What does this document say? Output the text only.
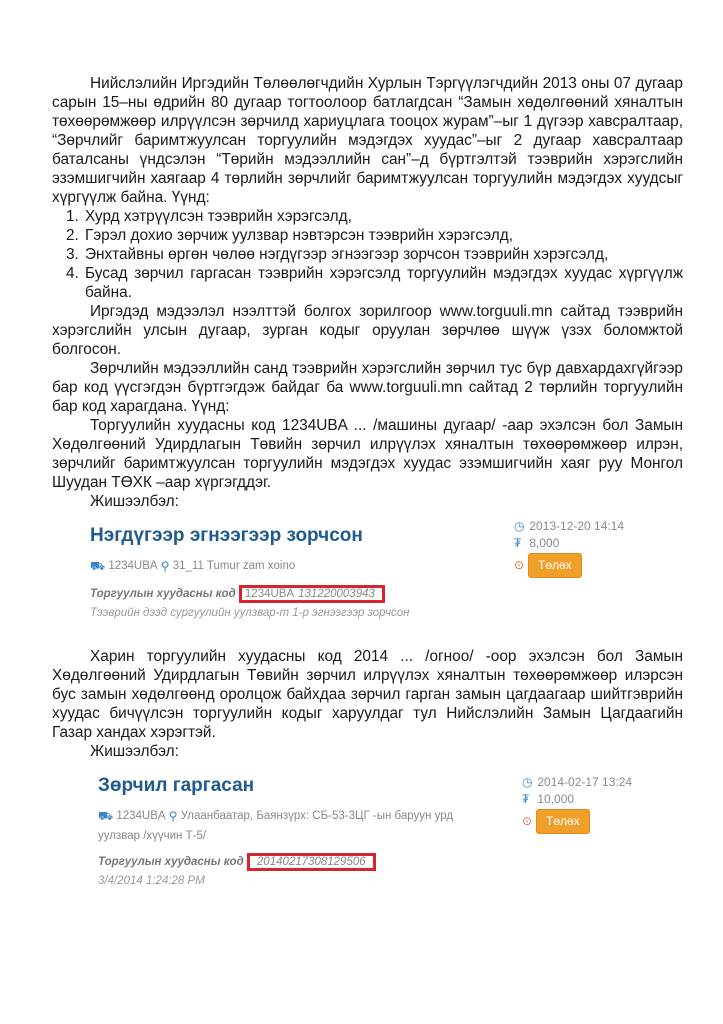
Нийслэлийн Иргэдийн Төлөөлөгчдийн Хурлын Тэргүүлэгчдийн 2013 оны 07 дугаар сарын 15–ны өдрийн 80 дугаар тогтоолоор батлагдсан “Замын хөдөлгөөний хяналтын төхөөрөмжөөр илрүүлсэн зөрчилд хариуцлага тооцох журам”–ыг 1 дүгээр хавсралтаар, “Зөрчлийг баримтжуулсан торгуулийн мэдэгдэх хуудас”–ыг 2 дугаар хавсралтаар баталсаны үндсэлэн “Төрийн мэдээллийн сан”–д бүртгэлтэй тээврийн хэрэгслийн эзэмшигчийн хаягаар 4 төрлийн зөрчлийг баримтжуулсан торгуулийн мэдэгдэх хуудсыг хүргүүлж байна. Үүнд:

1. Хурд хэтрүүлсэн тээврийн хэрэгсэлд,
2. Гэрэл дохио зөрчиж уулзвар нэвтэрсэн тээврийн хэрэгсэлд,
3. Энхтайвны өргөн чөлөө нэгдүгээр эгнээгээр зорчсон тээврийн хэрэгсэлд,
4. Бусад зөрчил гаргасан тээврийн хэрэгсэлд торгуулийн мэдэгдэх хуудас хүргүүлж байна.

Иргэдэд мэдээлэл нээлттэй болгох зорилгоор www.torguuli.mn сайтад тээврийн хэрэгслийн улсын дугаар, зурган кодыг оруулан зөрчлөө шүүж үзэх боломжтой болгосон.

Зөрчлийн мэдээллийн санд тээврийн хэрэгслийн зөрчил тус бүр давхардахгүйгээр бар код үүсгэгдэн бүртгэгдэж байдаг ба www.torguuli.mn сайтад 2 төрлийн торгуулийн бар код харагдана. Үүнд:

Торгуулийн хуудасны код 1234UBA ... /машины дугаар/ -аар эхэлсэн бол Замын Хөдөлгөөний Удирдлагын Төвийн зөрчил илрүүлэх хяналтын төхөөрөмжөөр илрэн, зөрчлийг баримтжуулсан торгуулийн мэдэгдэх хуудас эзэмшигчийн хаяг руу Монгол Шуудан ТӨХК –аар хүргэгддэг.

Жишээлбэл:

Нэгдүгээр эгнээгээр зорчсон
⛟ 1234UBA ⚲ 31_11 Tumur zam xoino
Торгуулын хуудасны код 1234UBA 131220003943
Тээврийн дээд сургуулийн уулзвар-т 1-р эгнээгээр зорчсон
◷ 2013-12-20 14:14
₮ 8,000
⊙ Төлөх

Харин торгуулийн хуудасны код 2014 ... /огноо/ -оор эхэлсэн бол Замын Хөдөлгөөний Удирдлагын Төвийн зөрчил илрүүлэх хяналтын төхөөрөмжөөр илэрсэн бус замын хөдөлгөөнд оролцож байхдаа зөрчил гарган замын цагдаагаар шийтгэврийн хуудас бичүүлсэн торгуулийн кодыг харуулдаг тул Нийслэлийн Замын Цагдаагийн Газар хандах хэрэгтэй.

Жишээлбэл:

Зөрчил гаргасан
⛟ 1234UBA ⚲ Улаанбаатар, Баянзүрх: СБ-53-3ЦГ -ын баруун урд
уулзвар /хүүчин Т-5/
Торгуулын хуудасны код 20140217308129506
3/4/2014 1:24:28 PM
◷ 2014-02-17 13:24
₮ 10,000
⊙ Төлөх
